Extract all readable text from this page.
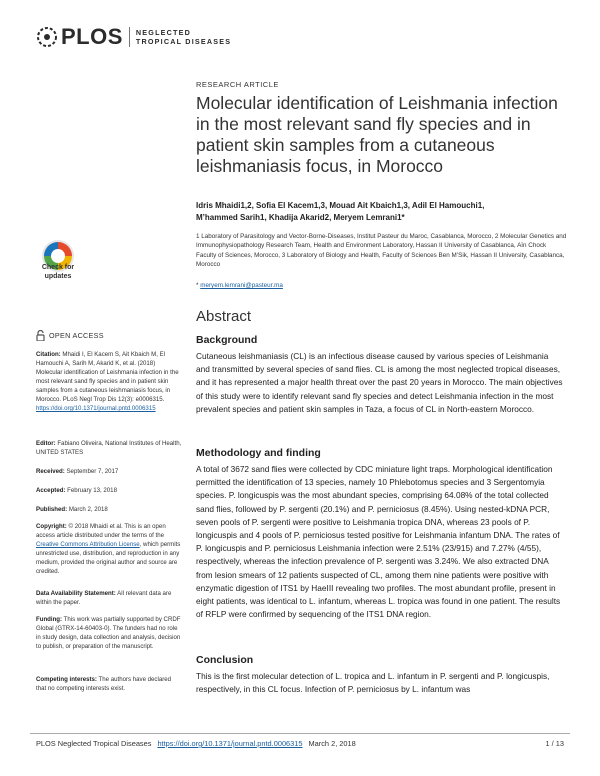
PLOS NEGLECTED
TROPICAL DISEASES
RESEARCH ARTICLE
Molecular identification of Leishmania infection in the most relevant sand fly species and in patient skin samples from a cutaneous leishmaniasis focus, in Morocco
Idris Mhaidi1,2, Sofia El Kacem1,3, Mouad Ait Kbaich1,3, Adil El Hamouchi1,
M’hammed Sarih1, Khadija Akarid2, Meryem Lemrani1*
1 Laboratory of Parasitology and Vector-Borne-Diseases, Institut Pasteur du Maroc, Casablanca, Morocco, 2 Molecular Genetics and Immunophysiopathology Research Team, Health and Environment Laboratory, Hassan II University of Casablanca, Aïn Chock Faculty of Sciences, Morocco, 3 Laboratory of Biology and Health, Faculty of Sciences Ben M’Sik, Hassan II University, Casablanca, Morocco
* meryem.lemrani@pasteur.ma
Abstract
Background
Cutaneous leishmaniasis (CL) is an infectious disease caused by various species of Leishmania and transmitted by several species of sand flies. CL is among the most neglected tropical diseases, and it has represented a major health threat over the past 20 years in Morocco. The main objectives of this study were to identify relevant sand fly species and detect Leishmania infection in the most prevalent species and patient skin samples in Taza, a focus of CL in North-eastern Morocco.
Methodology and finding
A total of 3672 sand flies were collected by CDC miniature light traps. Morphological identification permitted the identification of 13 species, namely 10 Phlebotomus species and 3 Sergentomyia species. P. longicuspis was the most abundant species, comprising 64.08% of the total collected sand flies, followed by P. sergenti (20.1%) and P. perniciosus (8.45%). Using nested-kDNA PCR, seven pools of P. sergenti were positive to Leishmania tropica DNA, whereas 23 pools of P. longicuspis and 4 pools of P. perniciosus tested positive for Leishmania infantum DNA. The rates of P. longicuspis and P. perniciosus Leishmania infection were 2.51% (23/915) and 7.27% (4/55), respectively, whereas the infection prevalence of P. sergenti was 3.24%. We also extracted DNA from lesion smears of 12 patients suspected of CL, among them nine patients were positive with enzymatic digestion of ITS1 by HaeIII revealing two profiles. The most abundant profile, present in eight patients, was identical to L. infantum, whereas L. tropica was found in one patient. The results of RFLP were confirmed by sequencing of the ITS1 DNA region.
Conclusion
This is the first molecular detection of L. tropica and L. infantum in P. sergenti and P. longicuspis, respectively, in this CL focus. Infection of P. perniciosus by L. infantum was
Check for updates
OPEN ACCESS
Citation: Mhaidi I, El Kacem S, Ait Kbaich M, El Hamouchi A, Sarih M, Akarid K, et al. (2018) Molecular identification of Leishmania infection in the most relevant sand fly species and in patient skin samples from a cutaneous leishmaniasis focus, in Morocco. PLoS Negl Trop Dis 12(3): e0006315. https://doi.org/10.1371/journal.pntd.0006315
Editor: Fabiano Oliveira, National Institutes of Health, UNITED STATES
Received: September 7, 2017
Accepted: February 13, 2018
Published: March 2, 2018
Copyright: © 2018 Mhaidi et al. This is an open access article distributed under the terms of the Creative Commons Attribution License, which permits unrestricted use, distribution, and reproduction in any medium, provided the original author and source are credited.
Data Availability Statement: All relevant data are within the paper.
Funding: This work was partially supported by CRDF Global (GTRX-14-60403-0). The funders had no role in study design, data collection and analysis, decision to publish, or preparation of the manuscript.
Competing interests: The authors have declared that no competing interests exist.
PLOS Neglected Tropical Diseases https://doi.org/10.1371/journal.pntd.0006315 March 2, 2018	1 / 13
